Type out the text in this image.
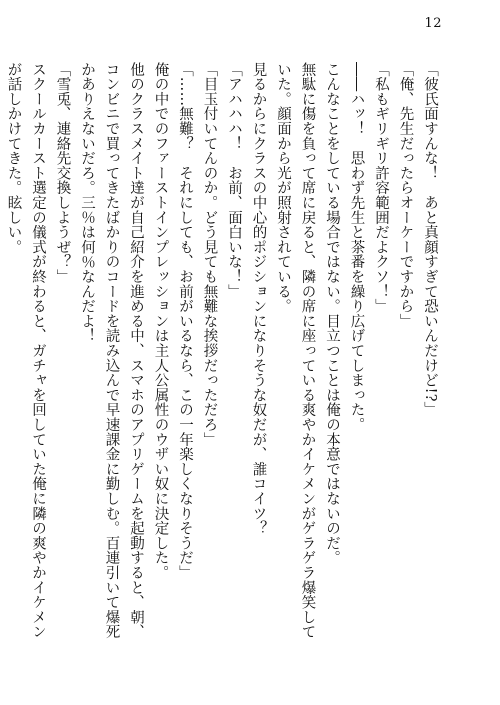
12
「彼氏面すんな！　あと真顔すぎて恐いんだけど!?」
「俺、先生だったらオーケーですから」
「私もギリギリ許容範囲だよクソ！」
――ハッ！　思わず先生と茶番を繰り広げてしまった。
こんなことをしている場合ではない。目立つことは俺の本意ではないのだ。
無駄に傷を負って席に戻ると、隣の席に座っている爽やかイケメンがゲラゲラ爆笑して
いた。顔面から光が照射されている。
見るからにクラスの中心的ポジションになりそうな奴だが、誰コイツ？
「アハハハ！　お前、面白いな！」
「目玉付いてんのか。どう見ても無難な挨拶だっただろ」
「……無難？　それにしても、お前がいるなら、この一年楽しくなりそうだ」
俺の中でのファーストインプレッションは主人公属性のウザい奴に決定した。
他のクラスメイト達が自己紹介を進める中、スマホのアプリゲームを起動すると、朝、
コンビニで買ってきたばかりのコードを読み込んで早速課金に勤しむ。百連引いて爆死
かありえないだろ。三％は何％なんだよ！
「雪兎、連絡先交換しようぜ？」
スクールカースト選定の儀式が終わると、ガチャを回していた俺に隣の爽やかイケメン
が話しかけてきた。眩しい。
